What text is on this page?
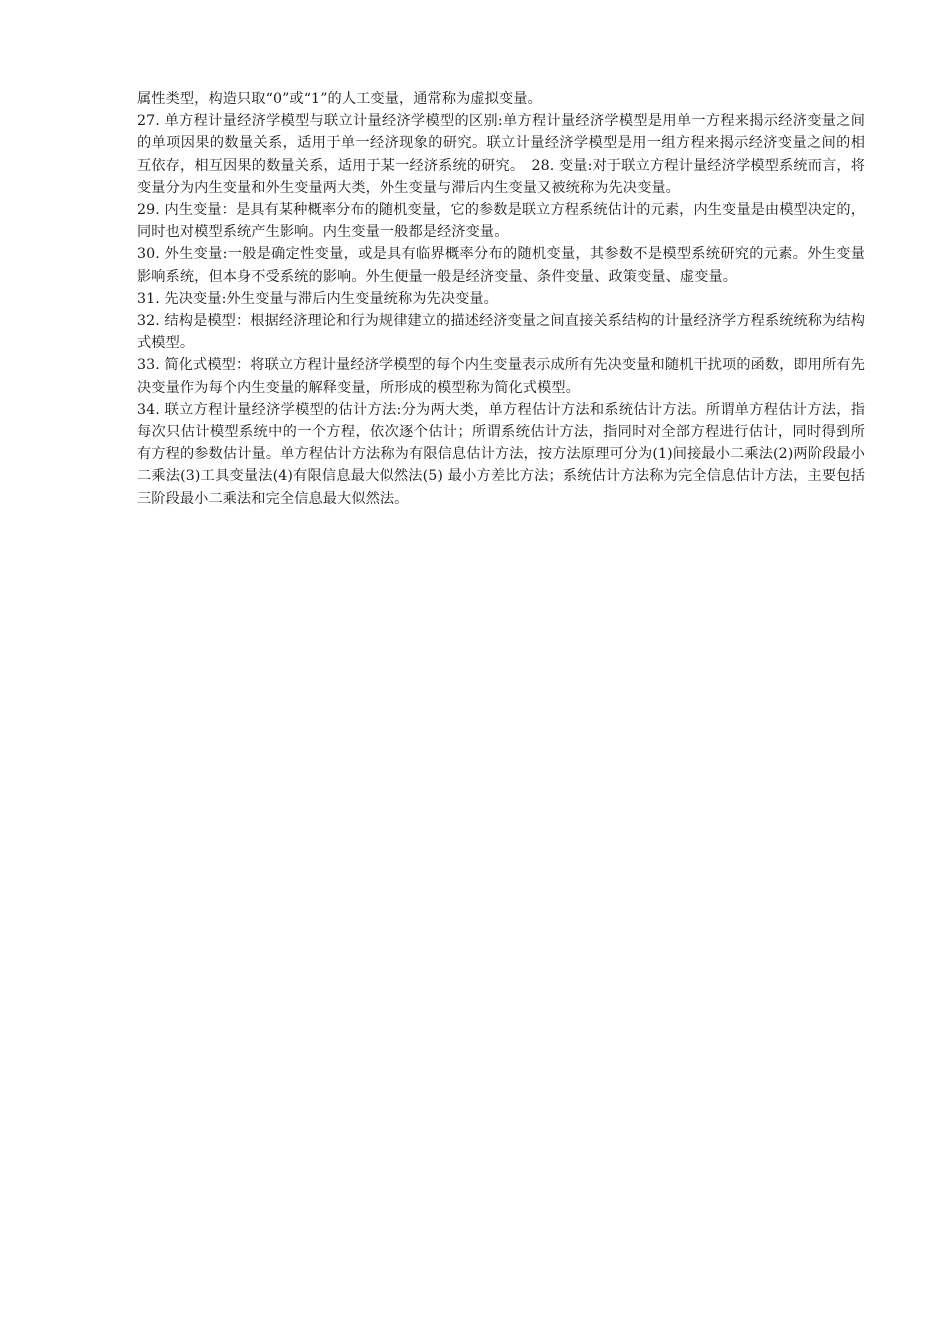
属性类型，构造只取“0”或“1”的人工变量，通常称为虚拟变量。

27. 单方程计量经济学模型与联立计量经济学模型的区别:单方程计量经济学模型是用单一方程来揭示经济变量之间的单项因果的数量关系，适用于单一经济现象的研究。联立计量经济学模型是用一组方程来揭示经济变量之间的相互依存，相互因果的数量关系，适用于某一经济系统的研究。　28. 变量:对于联立方程计量经济学模型系统而言，将变量分为内生变量和外生变量两大类，外生变量与滞后内生变量又被统称为先决变量。

29. 内生变量：是具有某种概率分布的随机变量，它的参数是联立方程系统估计的元素，内生变量是由模型决定的，同时也对模型系统产生影响。内生变量一般都是经济变量。

30. 外生变量:一般是确定性变量，或是具有临界概率分布的随机变量，其参数不是模型系统研究的元素。外生变量影响系统，但本身不受系统的影响。外生便量一般是经济变量、条件变量、政策变量、虚变量。

31. 先决变量:外生变量与滞后内生变量统称为先决变量。

32. 结构是模型：根据经济理论和行为规律建立的描述经济变量之间直接关系结构的计量经济学方程系统统称为结构式模型。

33. 简化式模型：将联立方程计量经济学模型的每个内生变量表示成所有先决变量和随机干扰项的函数，即用所有先决变量作为每个内生变量的解释变量，所形成的模型称为简化式模型。

34. 联立方程计量经济学模型的估计方法:分为两大类，单方程估计方法和系统估计方法。所谓单方程估计方法，指每次只估计模型系统中的一个方程，依次逐个估计；所谓系统估计方法，指同时对全部方程进行估计，同时得到所有方程的参数估计量。单方程估计方法称为有限信息估计方法，按方法原理可分为(1)间接最小二乘法(2)两阶段最小二乘法(3)工具变量法(4)有限信息最大似然法(5) 最小方差比方法；系统估计方法称为完全信息估计方法，主要包括三阶段最小二乘法和完全信息最大似然法。
